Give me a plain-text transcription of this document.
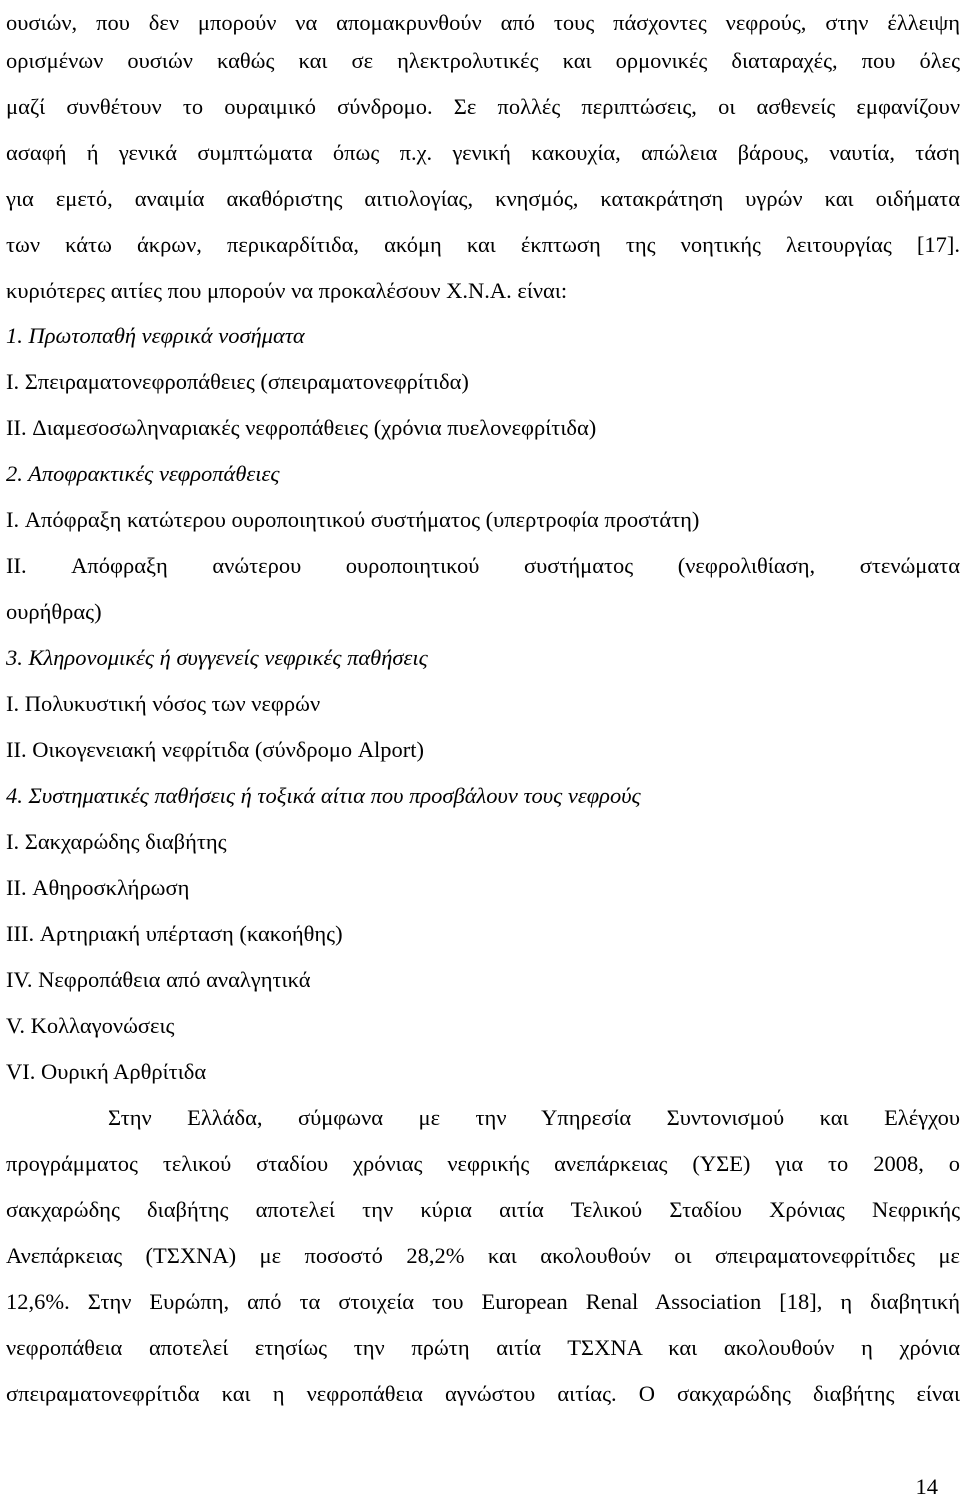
ουσιών, που δεν μπορούν να απομακρυνθούν από τους πάσχοντες νεφρούς, στην έλλειψη
ορισμένων ουσιών καθώς και σε ηλεκτρολυτικές και ορμονικές διαταραχές, που όλες
μαζί συνθέτουν το ουραιμικό σύνδρομο. Σε πολλές περιπτώσεις, οι ασθενείς εμφανίζουν
ασαφή ή γενικά συμπτώματα όπως π.χ. γενική κακουχία, απώλεια βάρους, ναυτία, τάση
για εμετό, αναιμία ακαθόριστης αιτιολογίας, κνησμός, κατακράτηση υγρών και οιδήματα
των κάτω άκρων, περικαρδίτιδα, ακόμη και έκπτωση της νοητικής λειτουργίας [17].
κυριότερες αιτίες που μπορούν να προκαλέσουν Χ.Ν.Α. είναι:
1. Πρωτοπαθή νεφρικά νοσήματα
I. Σπειραματονεφροπάθειες (σπειραματονεφρίτιδα)
II. Διαμεσοσωληναριακές νεφροπάθειες (χρόνια πυελονεφρίτιδα)
2. Αποφρακτικές νεφροπάθειες
I. Απόφραξη κατώτερου ουροποιητικού συστήματος (υπερτροφία προστάτη)
II. Απόφραξη ανώτερου ουροποιητικού συστήματος (νεφρολιθίαση, στενώματα
ουρήθρας)
3. Κληρονομικές ή συγγενείς νεφρικές παθήσεις
I. Πολυκυστική νόσος των νεφρών
II. Οικογενειακή νεφρίτιδα (σύνδρομο Alport)
4. Συστηματικές παθήσεις ή τοξικά αίτια που προσβάλουν τους νεφρούς
I. Σακχαρώδης διαβήτης
II. Αθηροσκλήρωση
III. Αρτηριακή υπέρταση (κακοήθης)
IV. Νεφροπάθεια από αναλγητικά
V. Κολλαγονώσεις
VI. Ουρική Αρθρίτιδα
Στην Ελλάδα, σύμφωνα με την Υπηρεσία Συντονισμού και Ελέγχου
προγράμματος τελικού σταδίου χρόνιας νεφρικής ανεπάρκειας (ΥΣΕ) για το 2008, ο
σακχαρώδης διαβήτης αποτελεί την κύρια αιτία Τελικού Σταδίου Χρόνιας Νεφρικής
Ανεπάρκειας (ΤΣΧΝΑ) με ποσοστό 28,2% και ακολουθούν οι σπειραματονεφρίτιδες με
12,6%. Στην Ευρώπη, από τα στοιχεία του European Renal Association [18], η διαβητική
νεφροπάθεια αποτελεί ετησίως την πρώτη αιτία ΤΣΧΝΑ και ακολουθούν η χρόνια
σπειραματονεφρίτιδα και η νεφροπάθεια αγνώστου αιτίας. Ο σακχαρώδης διαβήτης είναι
14
